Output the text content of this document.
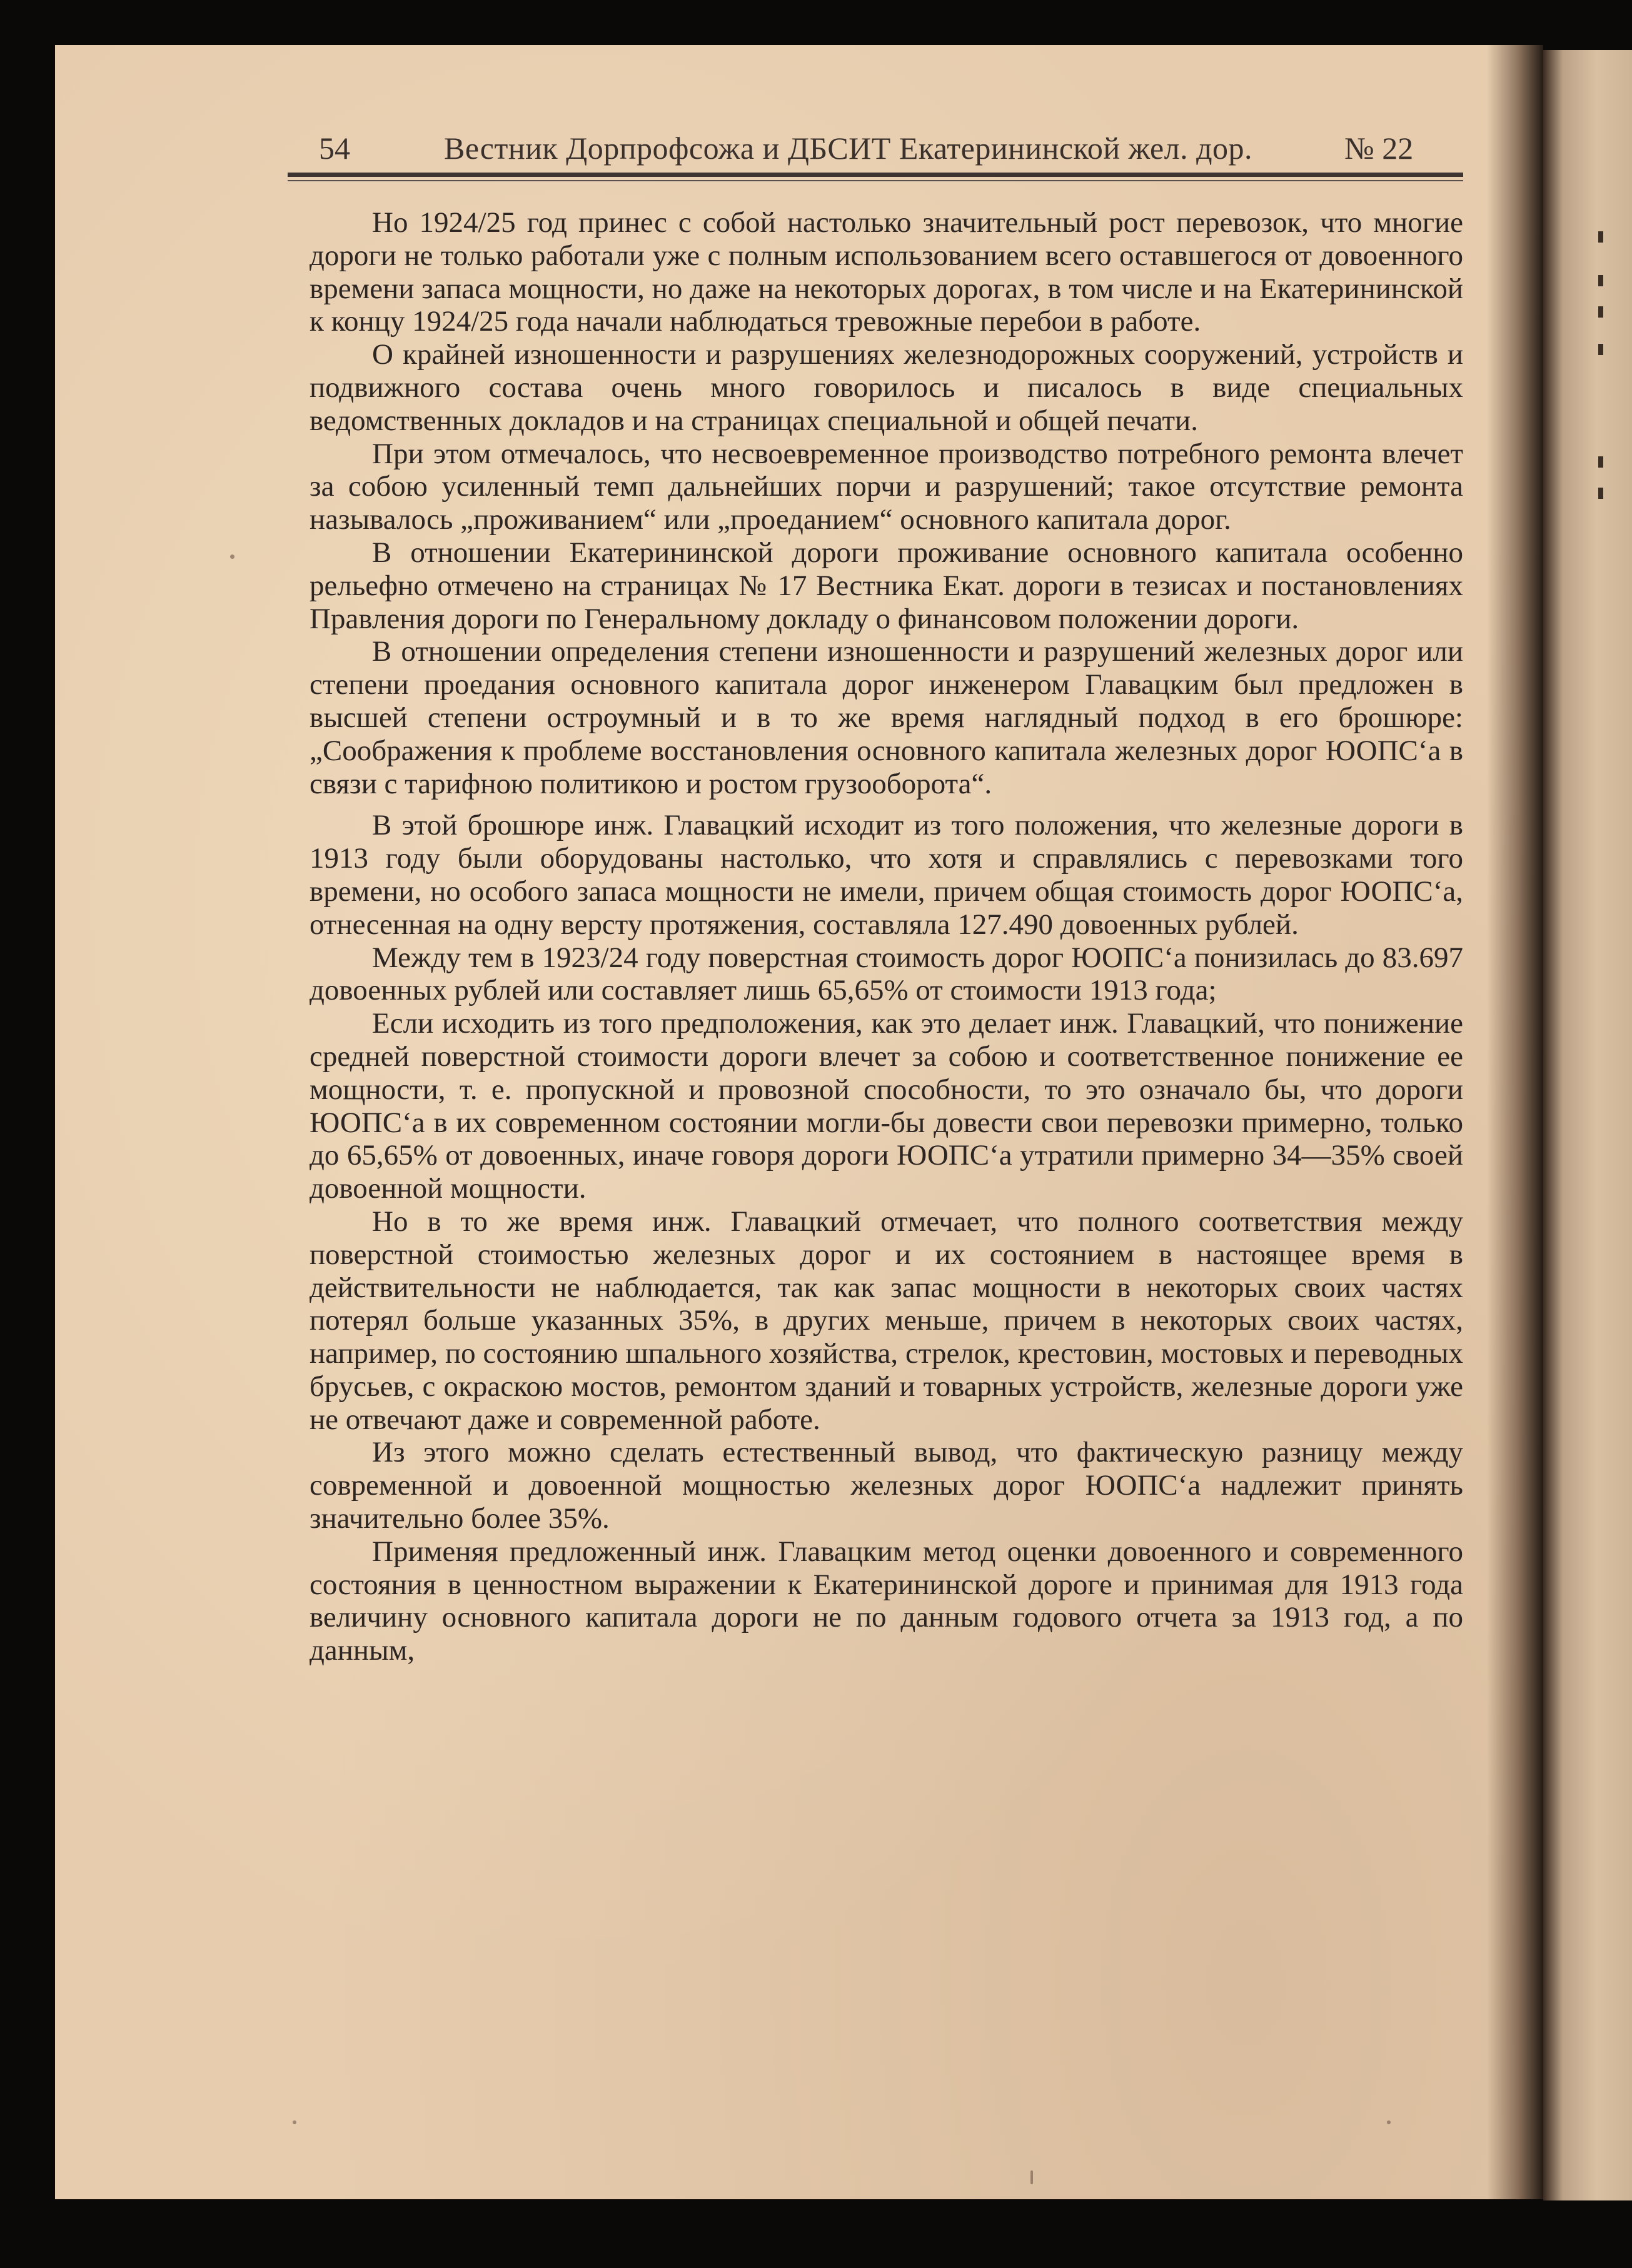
54	Вестник Дорпрофсожа и ДБСИТ Екатерининской жел. дор.	№ 22

Но 1924/25 год принес с собой настолько значительный рост перевозок, что многие дороги не только работали уже с полным использованием всего оставшегося от довоенного времени запаса мощности, но даже на некоторых дорогах, в том числе и на Екатерининской к концу 1924/25 года начали наблюдаться тревожные перебои в работе.

О крайней изношенности и разрушениях железнодорожных сооружений, устройств и подвижного состава очень много говорилось и писалось в виде специальных ведомственных докладов и на страницах специальной и общей печати.

При этом отмечалось, что несвоевременное производство потребного ремонта влечет за собою усиленный темп дальнейших порчи и разрушений; такое отсутствие ремонта называлось „проживанием“ или „проеданием“ основного капитала дорог.

В отношении Екатерининской дороги проживание основного капитала особенно рельефно отмечено на страницах № 17 Вестника Екат. дороги в тезисах и постановлениях Правления дороги по Генеральному докладу о финансовом положении дороги.

В отношении определения степени изношенности и разрушений железных дорог или степени проедания основного капитала дорог инженером Главацким был предложен в высшей степени остроумный и в то же время наглядный подход в его брошюре: „Соображения к проблеме восстановления основного капитала железных дорог ЮОПС‘а в связи с тарифною политикою и ростом грузооборота“.

В этой брошюре инж. Главацкий исходит из того положения, что железные дороги в 1913 году были оборудованы настолько, что хотя и справлялись с перевозками того времени, но особого запаса мощности не имели, причем общая стоимость дорог ЮОПС‘а, отнесенная на одну версту протяжения, составляла 127.490 довоенных рублей.

Между тем в 1923/24 году поверстная стоимость дорог ЮОПС‘а понизилась до 83.697 довоенных рублей или составляет лишь 65,65% от стоимости 1913 года;

Если исходить из того предположения, как это делает инж. Главацкий, что понижение средней поверстной стоимости дороги влечет за собою и соответственное понижение ее мощности, т. е. пропускной и провозной способности, то это означало бы, что дороги ЮОПС‘а в их современном состоянии могли-бы довести свои перевозки примерно, только до 65,65% от довоенных, иначе говоря дороги ЮОПС‘а утратили примерно 34—35% своей довоенной мощности.

Но в то же время инж. Главацкий отмечает, что полного соответствия между поверстной стоимостью железных дорог и их состоянием в настоящее время в действительности не наблюдается, так как запас мощности в некоторых своих частях потерял больше указанных 35%, в других меньше, причем в некоторых своих частях, например, по состоянию шпального хозяйства, стрелок, крестовин, мостовых и переводных брусьев, с окраскою мостов, ремонтом зданий и товарных устройств, железные дороги уже не отвечают даже и современной работе.

Из этого можно сделать естественный вывод, что фактическую разницу между современной и довоенной мощностью железных дорог ЮОПС‘а надлежит принять значительно более 35%.

Применяя предложенный инж. Главацким метод оценки довоенного и современного состояния в ценностном выражении к Екатерининской дороге и принимая для 1913 года величину основного капитала дороги не по данным годового отчета за 1913 год, а по данным,
